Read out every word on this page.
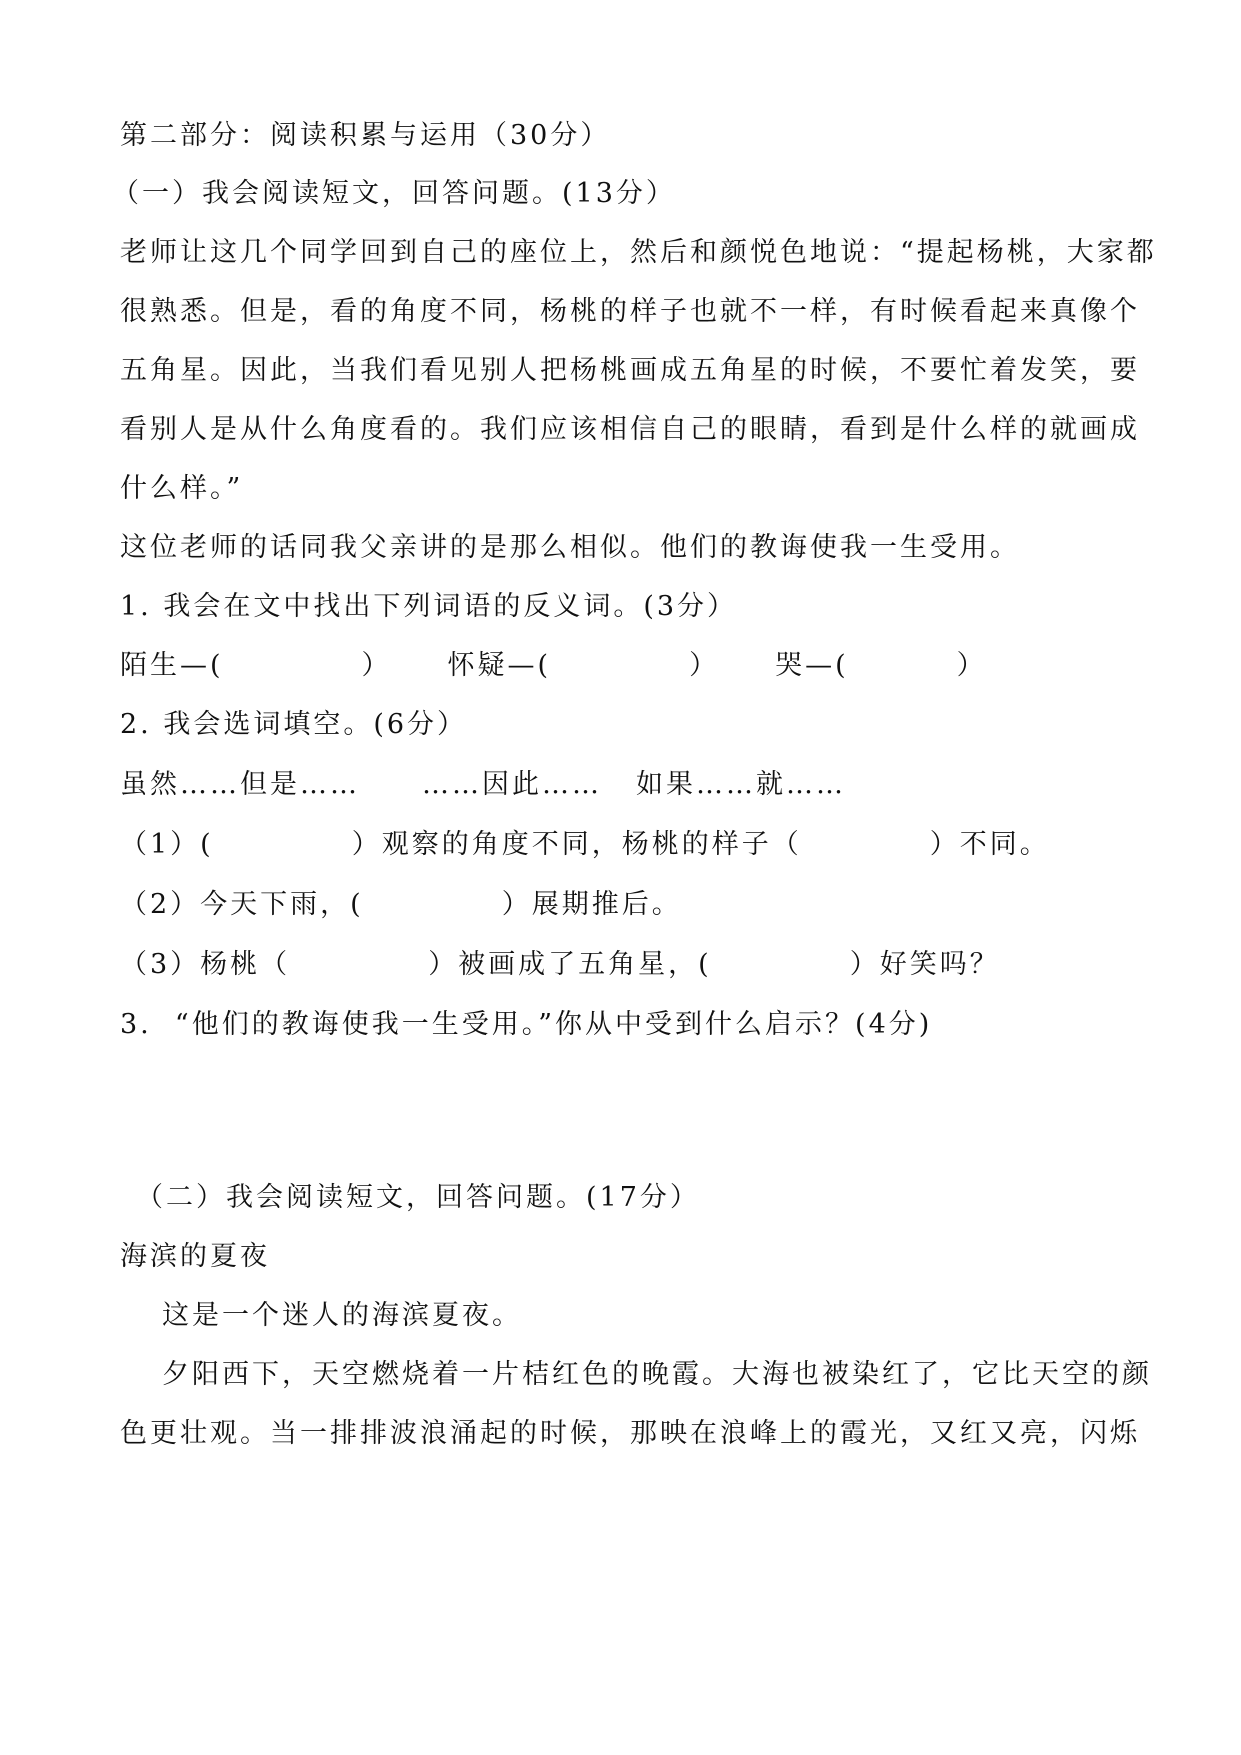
第二部分：阅读积累与运用（30分）
（一）我会阅读短文，回答问题。(13分）
老师让这几个同学回到自己的座位上，然后和颜悦色地说：“提起杨桃，大家都
很熟悉。但是，看的角度不同，杨桃的样子也就不一样，有时候看起来真像个
五角星。因此，当我们看见别人把杨桃画成五角星的时候，不要忙着发笑，要
看别人是从什么角度看的。我们应该相信自己的眼睛，看到是什么样的就画成
什么样。”
这位老师的话同我父亲讲的是那么相似。他们的教诲使我一生受用。
1. 我会在文中找出下列词语的反义词。(3分）
陌生—(	） 怀疑—(	） 哭—(	）
2. 我会选词填空。(6分）
虽然……但是…… ……因此…… 如果……就……
（1）(	）观察的角度不同，杨桃的样子（	）不同。
（2）今天下雨，(	）展期推后。
（3）杨桃（	）被画成了五角星，(	）好笑吗？
3.  “他们的教诲使我一生受用。”你从中受到什么启示？(4分)
（二）我会阅读短文，回答问题。(17分）
海滨的夏夜
这是一个迷人的海滨夏夜。
夕阳西下，天空燃烧着一片桔红色的晚霞。大海也被染红了，它比天空的颜
色更壮观。当一排排波浪涌起的时候，那映在浪峰上的霞光，又红又亮，闪烁
